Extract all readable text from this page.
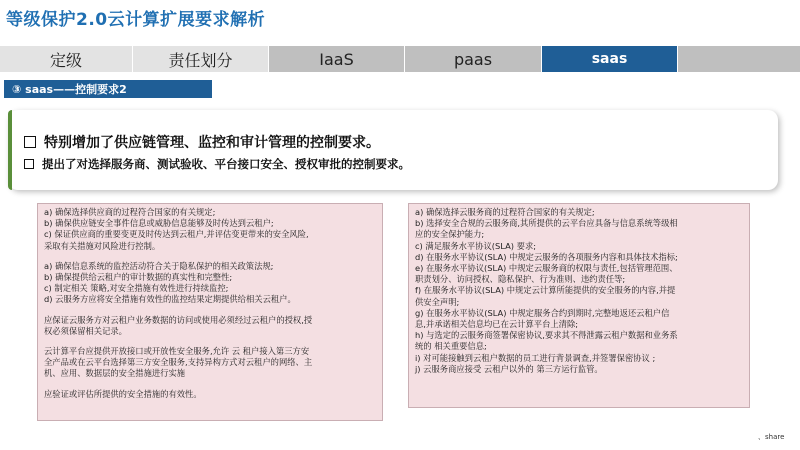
等级保护2.0云计算扩展要求解析
定级	责任划分	IaaS	paas	saas
③ saas——控制要求2
特别增加了供应链管理、监控和审计管理的控制要求。
提出了对选择服务商、测试验收、平台接口安全、授权审批的控制要求。
a) 确保选择供应商的过程符合国家的有关规定;
b) 确保供应链安全事件信息或威胁信息能够及时传达到云租户;
c) 保证供应商的重要变更及时传达到云租户,并评估变更带来的安全风险,
采取有关措施对风险进行控制。
a) 确保信息系统的监控活动符合关于隐私保护的相关政策法规;
b) 确保提供给云租户的审计数据的真实性和完整性;
c) 制定相关 策略,对安全措施有效性进行持续监控;
d) 云服务方应将安全措施有效性的监控结果定期提供给相关云租户。
应保证云服务方对云租户业务数据的访问或使用必须经过云租户的授权,授
权必须保留相关记录。
云计算平台应提供开放接口或开放性安全服务,允许 云 租户接入第三方安
全产品或在云平台选择第三方安全服务,支持异构方式对云租户的网络、主
机、应用、数据层的安全措施进行实施
应验证或评估所提供的安全措施的有效性。
a) 确保选择云服务商的过程符合国家的有关规定;
b) 选择安全合规的云服务商,其所提供的云平台应具备与信息系统等级相
应的安全保护能力;
c) 满足服务水平协议(SLA) 要求;
d) 在服务水平协议(SLA) 中规定云服务的各项服务内容和具体技术指标;
e) 在服务水平协议(SLA) 中规定云服务商的权限与责任,包括管理范围、
职责划分、访问授权、隐私保护、行为准则、违约责任等;
f) 在服务水平协议(SLA) 中规定云计算所能提供的安全服务的内容,并提
供安全声明;
g) 在服务水平协议(SLA) 中规定服务合约到期时,完整地返还云租户信
息,并承诺相关信息均已在云计算平台上清除;
h) 与选定的云服务商签署保密协议,要求其不得泄露云租户数据和业务系
统的 相关重要信息;
i) 对可能接触到云租户数据的员工进行背景调查,并签署保密协议 ;
j) 云服务商应接受 云租户以外的 第三方运行监管。
、share
